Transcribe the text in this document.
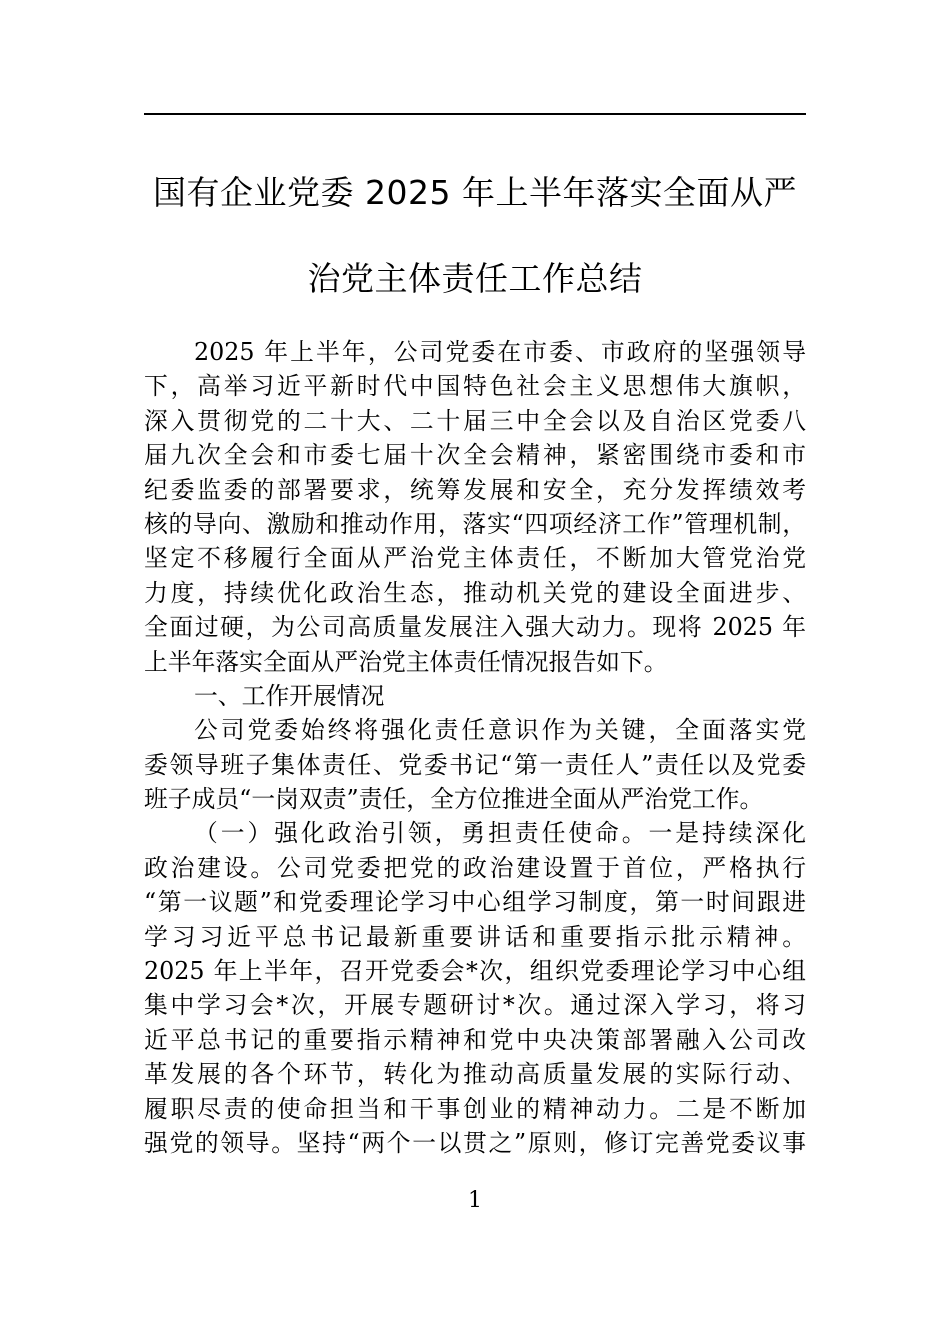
国有企业党委 2025 年上半年落实全面从严
治党主体责任工作总结
2025 年上半年，公司党委在市委、市政府的坚强领导
下，高举习近平新时代中国特色社会主义思想伟大旗帜，
深入贯彻党的二十大、二十届三中全会以及自治区党委八
届九次全会和市委七届十次全会精神，紧密围绕市委和市
纪委监委的部署要求，统筹发展和安全，充分发挥绩效考
核的导向、激励和推动作用，落实“四项经济工作”管理机制，
坚定不移履行全面从严治党主体责任，不断加大管党治党
力度，持续优化政治生态，推动机关党的建设全面进步、
全面过硬，为公司高质量发展注入强大动力。现将 2025 年
上半年落实全面从严治党主体责任情况报告如下。
一、工作开展情况
公司党委始终将强化责任意识作为关键，全面落实党
委领导班子集体责任、党委书记“第一责任人”责任以及党委
班子成员“一岗双责”责任，全方位推进全面从严治党工作。
（一）强化政治引领，勇担责任使命。一是持续深化
政治建设。公司党委把党的政治建设置于首位，严格执行
“第一议题”和党委理论学习中心组学习制度，第一时间跟进
学习习近平总书记最新重要讲话和重要指示批示精神。
2025 年上半年，召开党委会*次，组织党委理论学习中心组
集中学习会*次，开展专题研讨*次。通过深入学习，将习
近平总书记的重要指示精神和党中央决策部署融入公司改
革发展的各个环节，转化为推动高质量发展的实际行动、
履职尽责的使命担当和干事创业的精神动力。二是不断加
强党的领导。坚持“两个一以贯之”原则，修订完善党委议事
1
